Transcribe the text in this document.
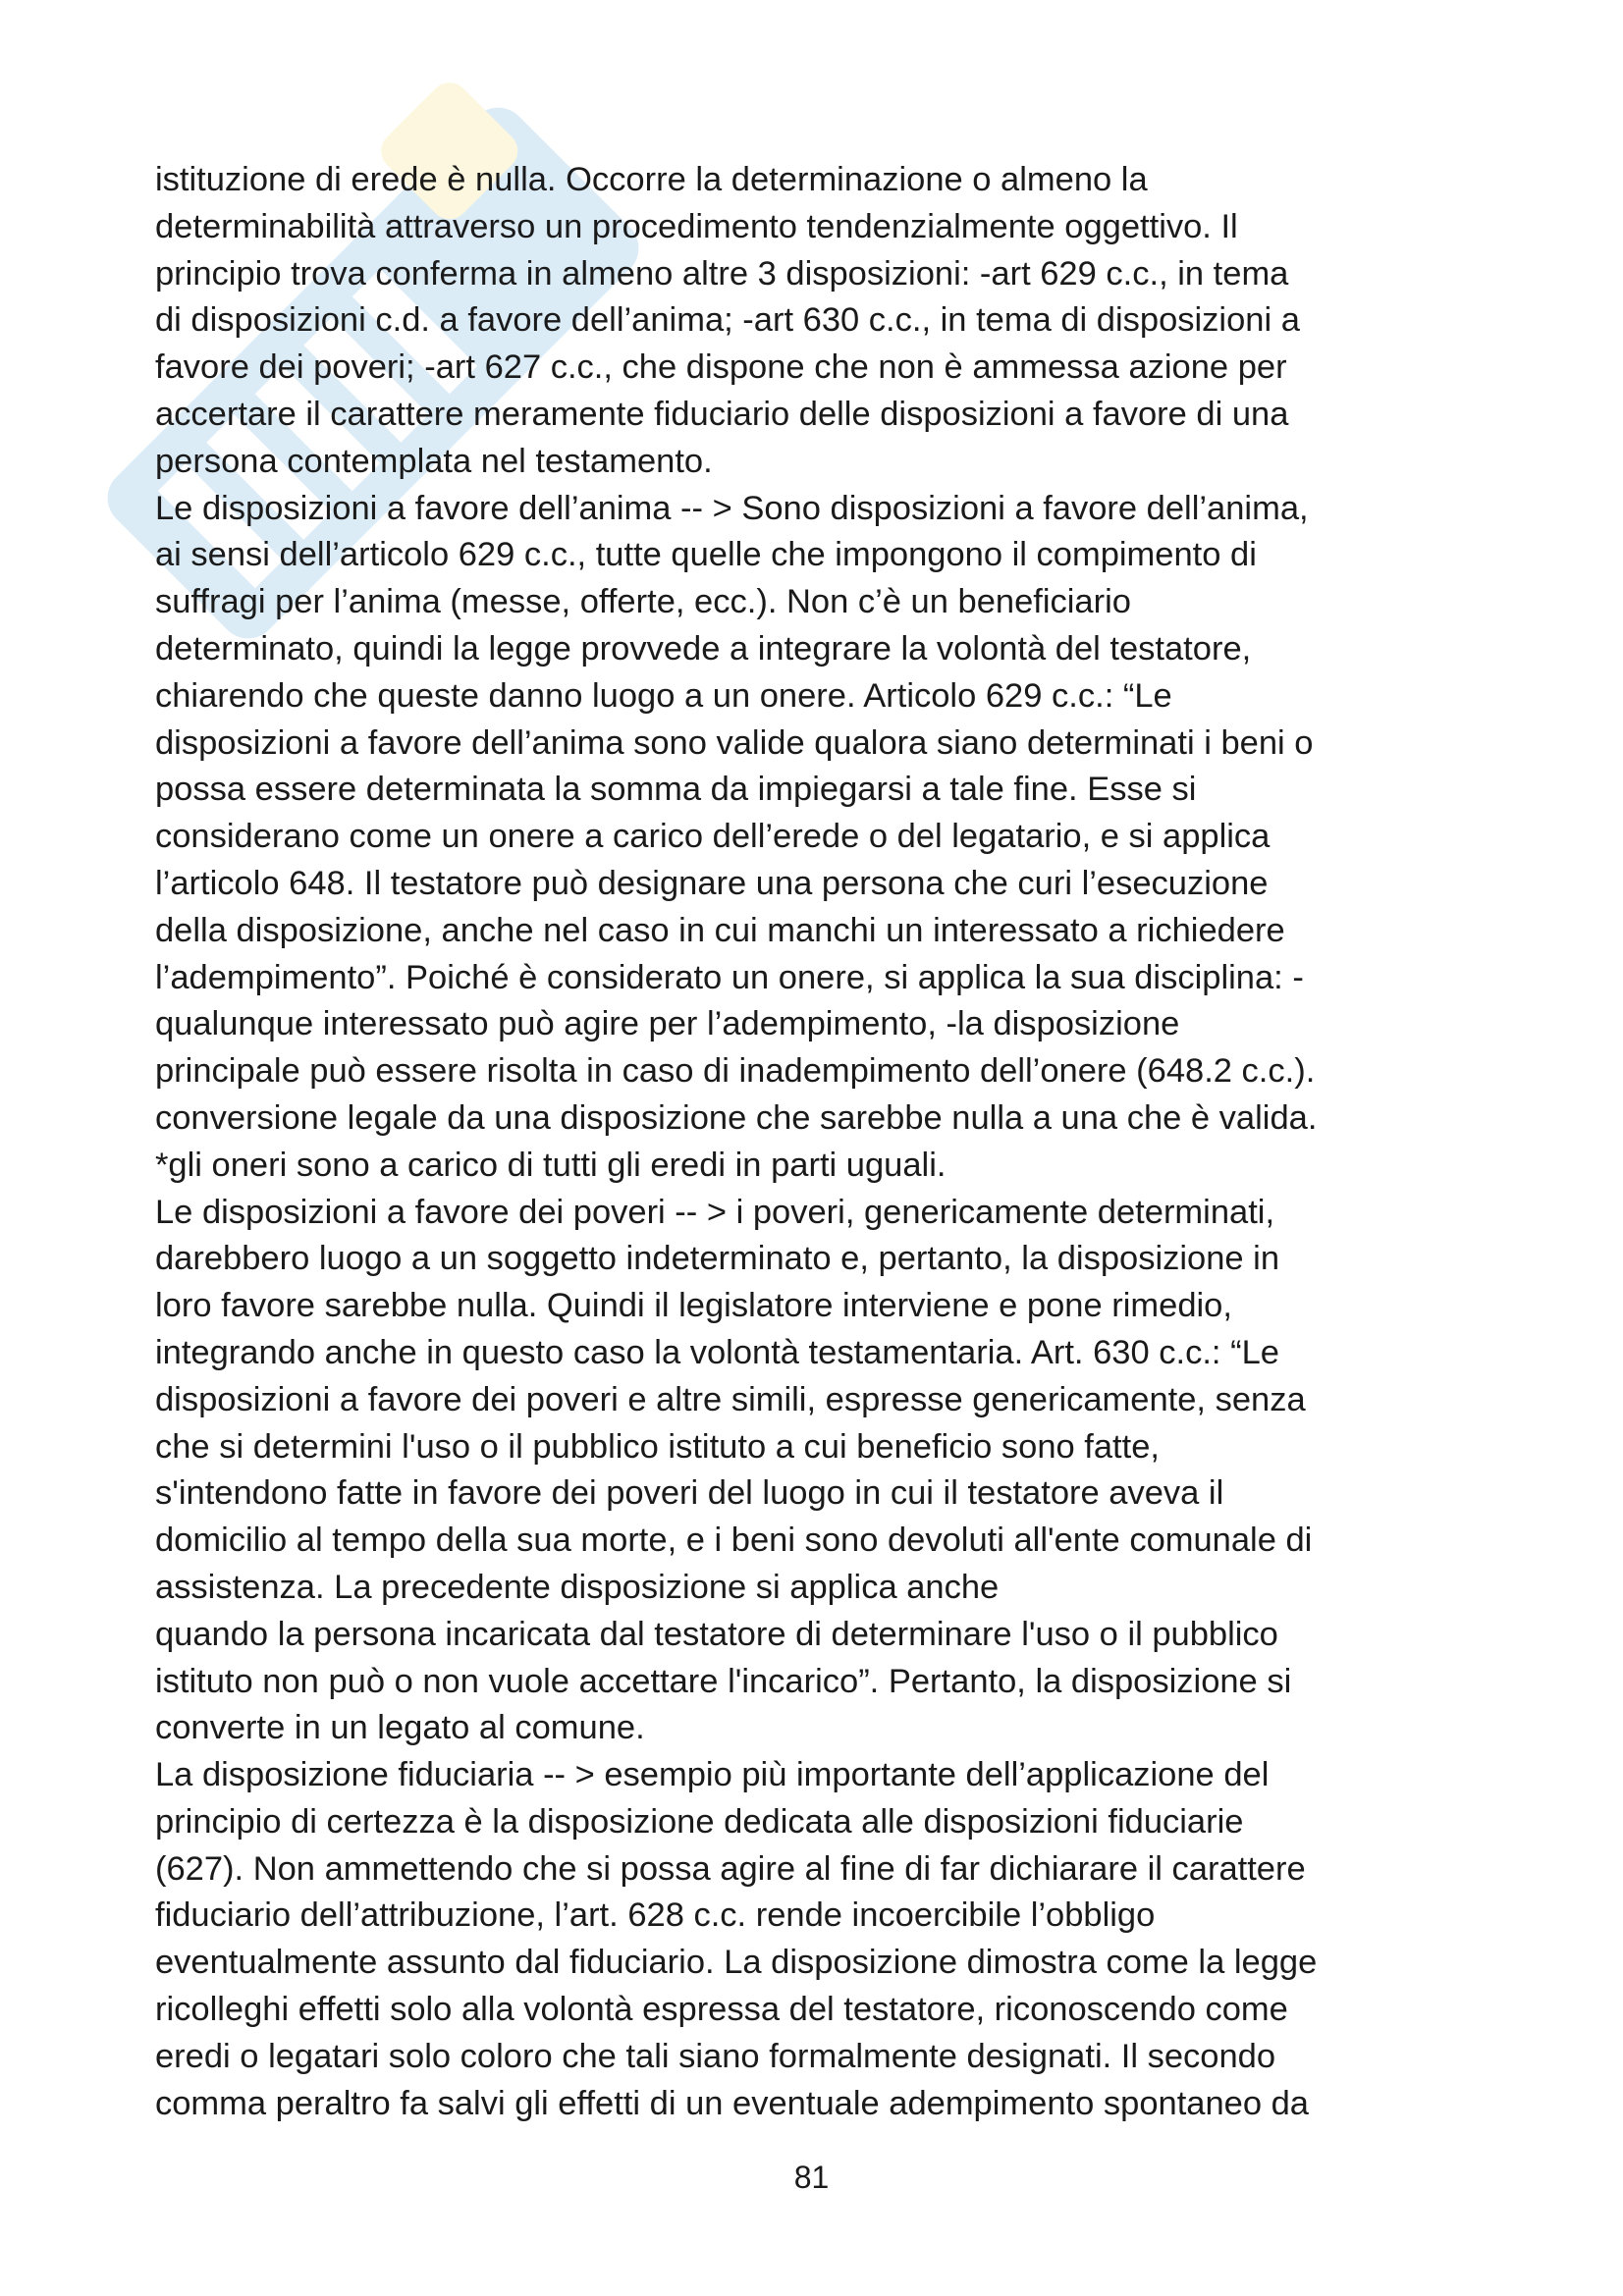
istituzione di erede è nulla. Occorre la determinazione o almeno la
determinabilità attraverso un procedimento tendenzialmente oggettivo. Il
principio trova conferma in almeno altre 3 disposizioni: -art 629 c.c., in tema
di disposizioni c.d. a favore dell’anima; -art 630 c.c., in tema di disposizioni a
favore dei poveri; -art 627 c.c., che dispone che non è ammessa azione per
accertare il carattere meramente fiduciario delle disposizioni a favore di una
persona contemplata nel testamento.
Le disposizioni a favore dell’anima -- > Sono disposizioni a favore dell’anima,
ai sensi dell’articolo 629 c.c., tutte quelle che impongono il compimento di
suffragi per l’anima (messe, offerte, ecc.). Non c’è un beneficiario
determinato, quindi la legge provvede a integrare la volontà del testatore,
chiarendo che queste danno luogo a un onere. Articolo 629 c.c.: “Le
disposizioni a favore dell’anima sono valide qualora siano determinati i beni o
possa essere determinata la somma da impiegarsi a tale fine. Esse si
considerano come un onere a carico dell’erede o del legatario, e si applica
l’articolo 648. Il testatore può designare una persona che curi l’esecuzione
della disposizione, anche nel caso in cui manchi un interessato a richiedere
l’adempimento”. Poiché è considerato un onere, si applica la sua disciplina: -
qualunque interessato può agire per l’adempimento, -la disposizione
principale può essere risolta in caso di inadempimento dell’onere (648.2 c.c.).
conversione legale da una disposizione che sarebbe nulla a una che è valida.
*gli oneri sono a carico di tutti gli eredi in parti uguali.
Le disposizioni a favore dei poveri -- > i poveri, genericamente determinati,
darebbero luogo a un soggetto indeterminato e, pertanto, la disposizione in
loro favore sarebbe nulla. Quindi il legislatore interviene e pone rimedio,
integrando anche in questo caso la volontà testamentaria. Art. 630 c.c.: “Le
disposizioni a favore dei poveri e altre simili, espresse genericamente, senza
che si determini l'uso o il pubblico istituto a cui beneficio sono fatte,
s'intendono fatte in favore dei poveri del luogo in cui il testatore aveva il
domicilio al tempo della sua morte, e i beni sono devoluti all'ente comunale di
assistenza. La precedente disposizione si applica anche
quando la persona incaricata dal testatore di determinare l'uso o il pubblico
istituto non può o non vuole accettare l'incarico”. Pertanto, la disposizione si
converte in un legato al comune.
La disposizione fiduciaria -- > esempio più importante dell’applicazione del
principio di certezza è la disposizione dedicata alle disposizioni fiduciarie
(627). Non ammettendo che si possa agire al fine di far dichiarare il carattere
fiduciario dell’attribuzione, l’art. 628 c.c. rende incoercibile l’obbligo
eventualmente assunto dal fiduciario. La disposizione dimostra come la legge
ricolleghi effetti solo alla volontà espressa del testatore, riconoscendo come
eredi o legatari solo coloro che tali siano formalmente designati. Il secondo
comma peraltro fa salvi gli effetti di un eventuale adempimento spontaneo da
81
